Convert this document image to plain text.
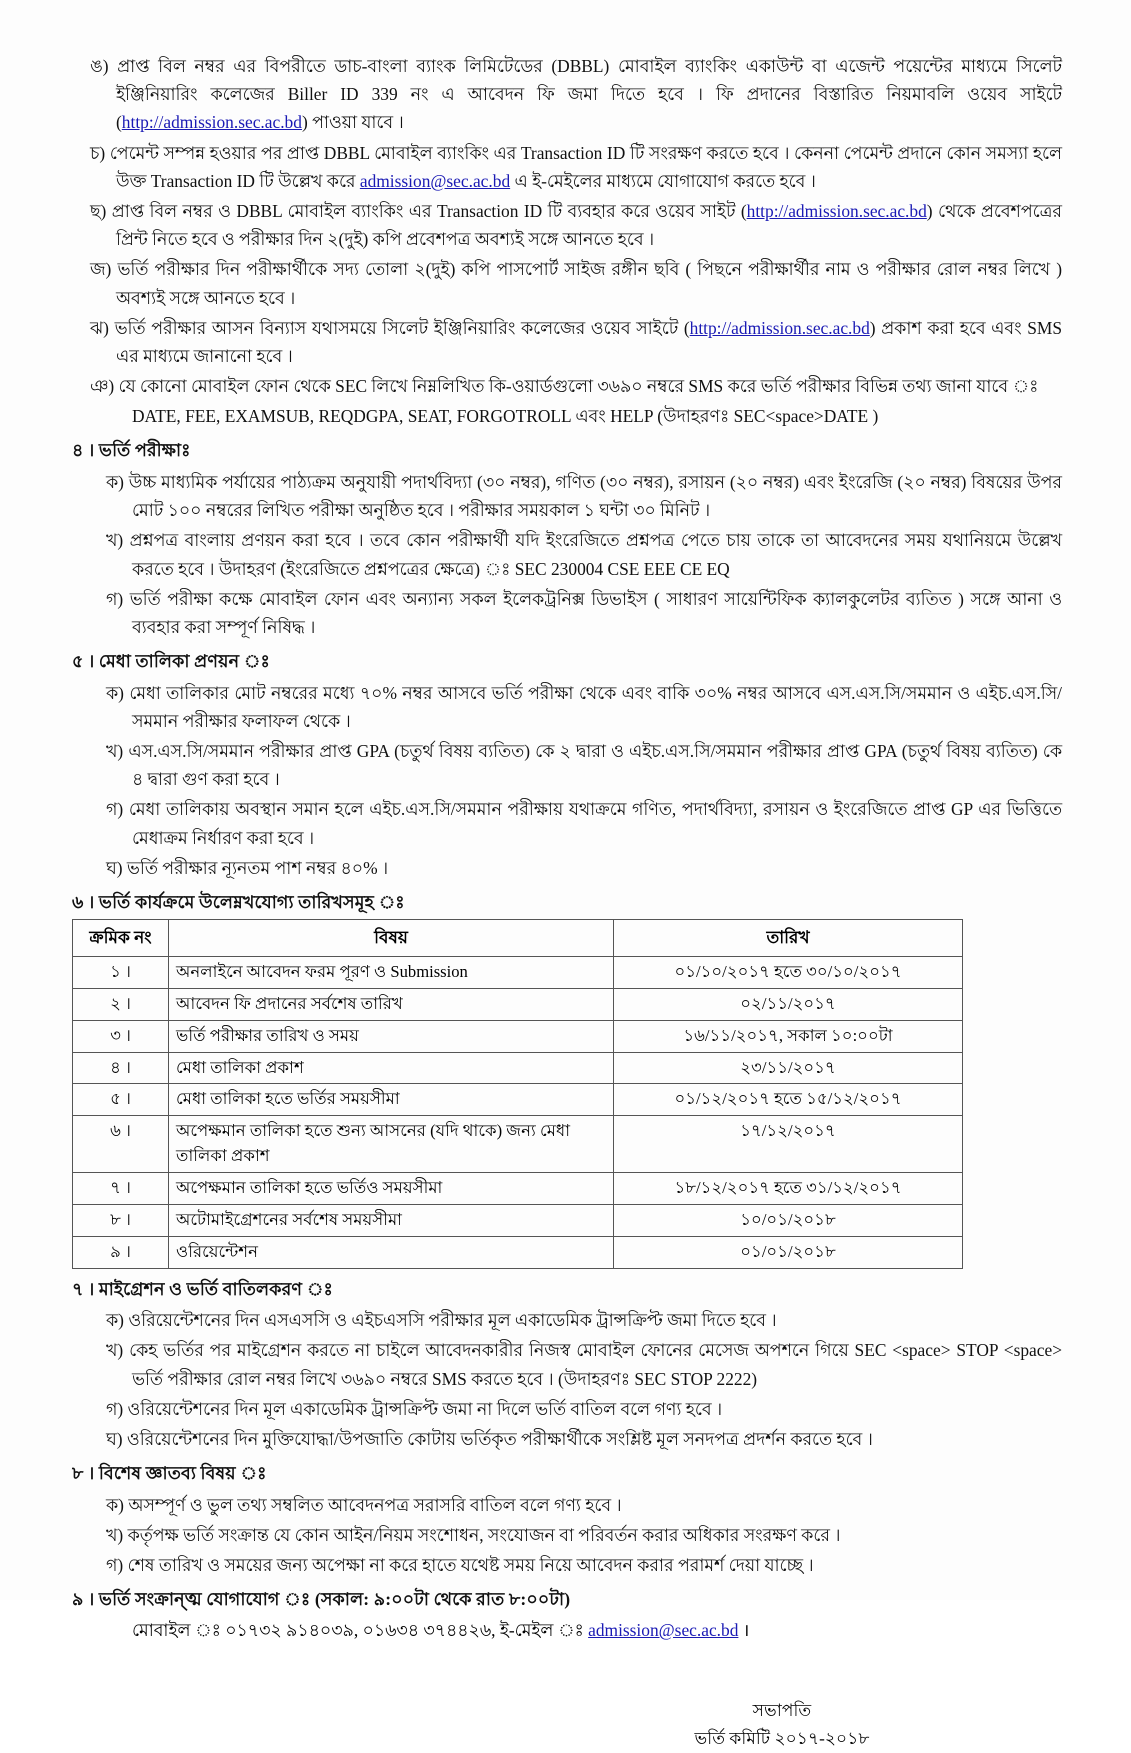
ঙ) প্রাপ্ত বিল নম্বর এর বিপরীতে ডাচ-বাংলা ব্যাংক লিমিটেডের (DBBL) মোবাইল ব্যাংকিং একাউন্ট বা এজেন্ট পয়েন্টের মাধ্যমে সিলেট ইঞ্জিনিয়ারিং কলেজের Biller ID 339 নং এ আবেদন ফি জমা দিতে হবে । ফি প্রদানের বিস্তারিত নিয়মাবলি ওয়েব সাইটে (http://admission.sec.ac.bd) পাওয়া যাবে ।
চ) পেমেন্ট সম্পন্ন হওয়ার পর প্রাপ্ত DBBL মোবাইল ব্যাংকিং এর Transaction ID টি সংরক্ষণ করতে হবে । কেননা পেমেন্ট প্রদানে কোন সমস্যা হলে উক্ত Transaction ID টি উল্লেখ করে admission@sec.ac.bd এ ই-মেইলের মাধ্যমে যোগাযোগ করতে হবে ।
ছ) প্রাপ্ত বিল নম্বর ও DBBL মোবাইল ব্যাংকিং এর Transaction ID টি ব্যবহার করে ওয়েব সাইট (http://admission.sec.ac.bd) থেকে প্রবেশপত্রের প্রিন্ট নিতে হবে ও পরীক্ষার দিন ২(দুই) কপি প্রবেশপত্র অবশ্যই সঙ্গে আনতে হবে ।
জ) ভর্তি পরীক্ষার দিন পরীক্ষার্থীকে সদ্য তোলা ২(দুই) কপি পাসপোর্ট সাইজ রঙ্গীন ছবি ( পিছনে পরীক্ষার্থীর নাম ও পরীক্ষার রোল নম্বর লিখে ) অবশ্যই সঙ্গে আনতে হবে ।
ঝ) ভর্তি পরীক্ষার আসন বিন্যাস যথাসময়ে সিলেট ইঞ্জিনিয়ারিং কলেজের ওয়েব সাইটে (http://admission.sec.ac.bd) প্রকাশ করা হবে এবং SMS এর মাধ্যমে জানানো হবে ।
ঞ) যে কোনো মোবাইল ফোন থেকে SEC লিখে নিম্নলিখিত কি-ওয়ার্ডগুলো ৩৬৯০ নম্বরে SMS করে ভর্তি পরীক্ষার বিভিন্ন তথ্য জানা যাবে ঃ
DATE, FEE, EXAMSUB, REQDGPA, SEAT, FORGOTROLL এবং HELP (উদাহরণঃ SEC<space>DATE )
৪ । ভর্তি পরীক্ষাঃ
ক) উচ্চ মাধ্যমিক পর্যায়ের পাঠ্যক্রম অনুযায়ী পদার্থবিদ্যা (৩০ নম্বর), গণিত (৩০ নম্বর), রসায়ন (২০ নম্বর) এবং ইংরেজি (২০ নম্বর) বিষয়ের উপর মোট ১০০ নম্বরের লিখিত পরীক্ষা অনুষ্ঠিত হবে । পরীক্ষার সময়কাল ১ ঘন্টা ৩০ মিনিট ।
খ) প্রশ্নপত্র বাংলায় প্রণয়ন করা হবে । তবে কোন পরীক্ষার্থী যদি ইংরেজিতে প্রশ্নপত্র পেতে চায় তাকে তা আবেদনের সময় যথানিয়মে উল্লেখ করতে হবে । উদাহরণ (ইংরেজিতে প্রশ্নপত্রের ক্ষেত্রে) ঃ SEC 230004 CSE EEE CE EQ
গ) ভর্তি পরীক্ষা কক্ষে মোবাইল ফোন এবং অন্যান্য সকল ইলেকট্রনিক্স ডিভাইস ( সাধারণ সায়েন্টিফিক ক্যালকুলেটর ব্যতিত ) সঙ্গে আনা ও ব্যবহার করা সম্পূর্ণ নিষিদ্ধ ।
৫ । মেধা তালিকা প্রণয়ন ঃ
ক) মেধা তালিকার মোট নম্বরের মধ্যে ৭০% নম্বর আসবে ভর্তি পরীক্ষা থেকে এবং বাকি ৩০% নম্বর আসবে এস.এস.সি/সমমান ও এইচ.এস.সি/সমমান পরীক্ষার ফলাফল থেকে ।
খ) এস.এস.সি/সমমান পরীক্ষার প্রাপ্ত GPA (চতুর্থ বিষয় ব্যতিত) কে ২ দ্বারা ও এইচ.এস.সি/সমমান পরীক্ষার প্রাপ্ত GPA (চতুর্থ বিষয় ব্যতিত) কে ৪ দ্বারা গুণ করা হবে ।
গ) মেধা তালিকায় অবস্থান সমান হলে এইচ.এস.সি/সমমান পরীক্ষায় যথাক্রমে গণিত, পদার্থবিদ্যা, রসায়ন ও ইংরেজিতে প্রাপ্ত GP এর ভিত্তিতে মেধাক্রম নির্ধারণ করা হবে ।
ঘ) ভর্তি পরীক্ষার ন্যূনতম পাশ নম্বর ৪০% ।
৬ । ভর্তি কার্যক্রমে উলেম্নখযোগ্য তারিখসমূহ ঃ
ক্রমিক নং	বিষয়	তারিখ
১ ।	অনলাইনে আবেদন ফরম পূরণ ও Submission	০১/১০/২০১৭ হতে ৩০/১০/২০১৭
২ ।	আবেদন ফি প্রদানের সর্বশেষ তারিখ	০২/১১/২০১৭
৩ ।	ভর্তি পরীক্ষার তারিখ ও সময়	১৬/১১/২০১৭, সকাল ১০:০০টা
৪ ।	মেধা তালিকা প্রকাশ	২৩/১১/২০১৭
৫ ।	মেধা তালিকা হতে ভর্তির সময়সীমা	০১/১২/২০১৭ হতে ১৫/১২/২০১৭
৬ ।	অপেক্ষমান তালিকা হতে শুন্য আসনের (যদি থাকে) জন্য মেধা তালিকা প্রকাশ	১৭/১২/২০১৭
৭ ।	অপেক্ষমান তালিকা হতে ভর্তিও সময়সীমা	১৮/১২/২০১৭ হতে ৩১/১২/২০১৭
৮ ।	অটোমাইগ্রেশনের সর্বশেষ সময়সীমা	১০/০১/২০১৮
৯ ।	ওরিয়েন্টেশন	০১/০১/২০১৮
৭ । মাইগ্রেশন ও ভর্তি বাতিলকরণ ঃ
ক) ওরিয়েন্টেশনের দিন এসএসসি ও এইচএসসি পরীক্ষার মূল একাডেমিক ট্রান্সক্রিপ্ট জমা দিতে হবে ।
খ) কেহ ভর্তির পর মাইগ্রেশন করতে না চাইলে আবেদনকারীর নিজস্ব মোবাইল ফোনের মেসেজ অপশনে গিয়ে SEC <space> STOP <space> ভর্তি পরীক্ষার রোল নম্বর লিখে ৩৬৯০ নম্বরে SMS করতে হবে । (উদাহরণঃ SEC STOP 2222)
গ) ওরিয়েন্টেশনের দিন মূল একাডেমিক ট্রান্সক্রিপ্ট জমা না দিলে ভর্তি বাতিল বলে গণ্য হবে ।
ঘ) ওরিয়েন্টেশনের দিন মুক্তিযোদ্ধা/উপজাতি কোটায় ভর্তিকৃত পরীক্ষার্থীকে সংশ্লিষ্ট মূল সনদপত্র প্রদর্শন করতে হবে ।
৮ । বিশেষ জ্ঞাতব্য বিষয় ঃ
ক) অসম্পূর্ণ ও ভুল তথ্য সম্বলিত আবেদনপত্র সরাসরি বাতিল বলে গণ্য হবে ।
খ) কর্তৃপক্ষ ভর্তি সংক্রান্ত যে কোন আইন/নিয়ম সংশোধন, সংযোজন বা পরিবর্তন করার অধিকার সংরক্ষণ করে ।
গ) শেষ তারিখ ও সময়ের জন্য অপেক্ষা না করে হাতে যথেষ্ট সময় নিয়ে আবেদন করার পরামর্শ দেয়া যাচ্ছে ।
৯ । ভর্তি সংক্রান্ত্ম যোগাযোগ ঃ (সকাল: ৯:০০টা থেকে রাত ৮:০০টা)
মোবাইল ঃ ০১৭৩২ ৯১৪০৩৯, ০১৬৩৪ ৩৭৪৪২৬, ই-মেইল ঃ admission@sec.ac.bd ।
সভাপতি
ভর্তি কমিটি ২০১৭-২০১৮
